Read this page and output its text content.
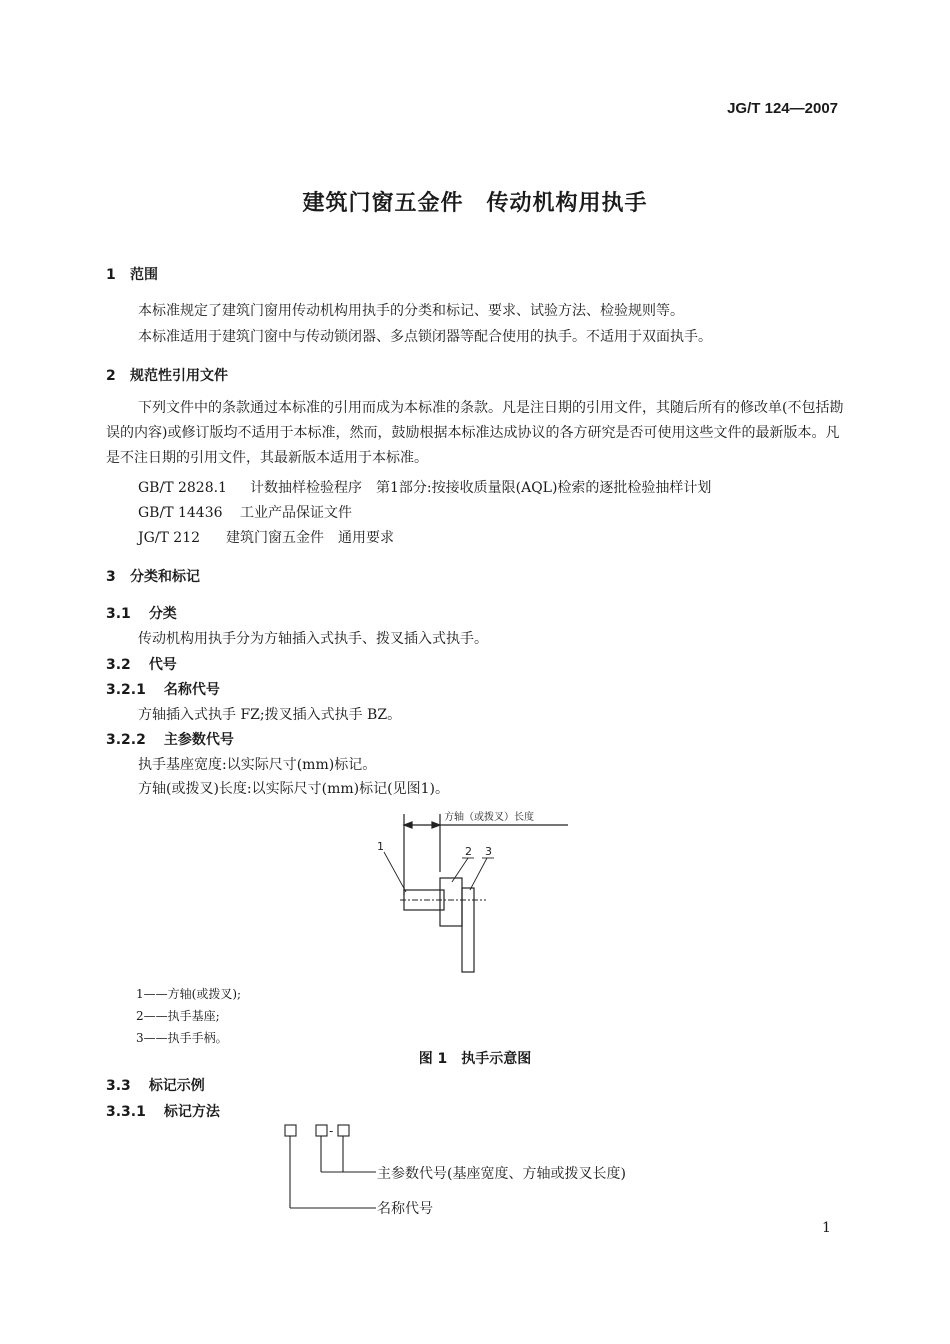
JG/T 124—2007
建筑门窗五金件　传动机构用执手
1 范围
本标准规定了建筑门窗用传动机构用执手的分类和标记、要求、试验方法、检验规则等。
本标准适用于建筑门窗中与传动锁闭器、多点锁闭器等配合使用的执手。不适用于双面执手。
2 规范性引用文件
下列文件中的条款通过本标准的引用而成为本标准的条款。凡是注日期的引用文件，其随后所有的修改单(不包括勘误的内容)或修订版均不适用于本标准，然而，鼓励根据本标准达成协议的各方研究是否可使用这些文件的最新版本。凡是不注日期的引用文件，其最新版本适用于本标准。
GB/T 2828.1 计数抽样检验程序　第1部分:按接收质量限(AQL)检索的逐批检验抽样计划
GB/T 14436 工业产品保证文件
JG/T 212 建筑门窗五金件　通用要求
3 分类和标记
3.1 分类
传动机构用执手分为方轴插入式执手、拨叉插入式执手。
3.2 代号
3.2.1 名称代号
方轴插入式执手 FZ;拨叉插入式执手 BZ。
3.2.2 主参数代号
执手基座宽度:以实际尺寸(mm)标记。
方轴(或拨叉)长度:以实际尺寸(mm)标记(见图1)。
方轴（或拨叉）长度
1	2 3
1——方轴(或拨叉);
2——执手基座;
3——执手手柄。
图 1　执手示意图
3.3 标记示例
3.3.1 标记方法
-
主参数代号(基座宽度、方轴或拨叉长度)
名称代号
1
